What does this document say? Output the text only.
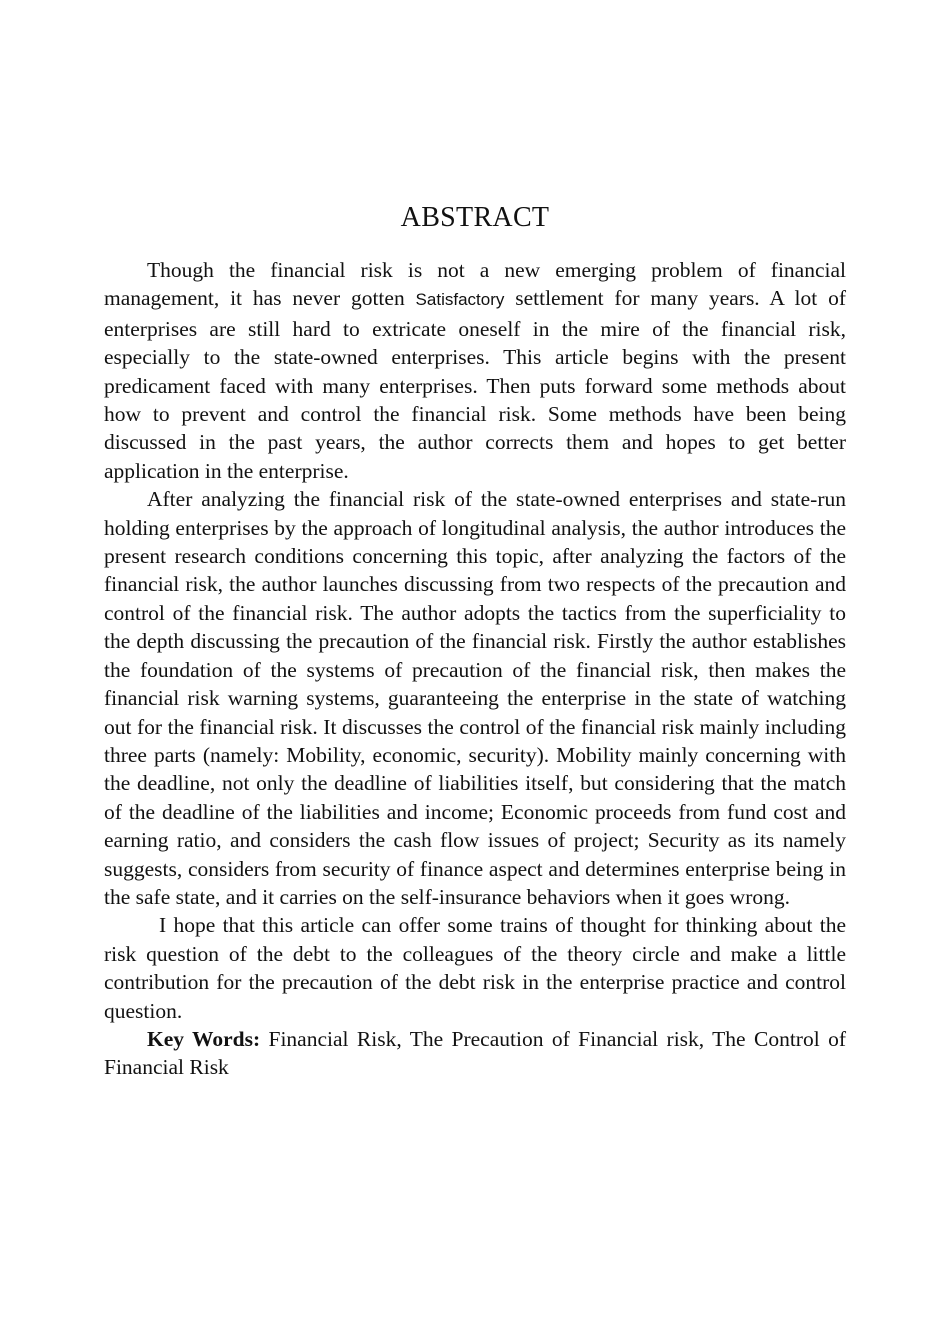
ABSTRACT

Though the financial risk is not a new emerging problem of financial management, it has never gotten Satisfactory settlement for many years. A lot of enterprises are still hard to extricate oneself in the mire of the financial risk, especially to the state-owned enterprises. This article begins with the present predicament faced with many enterprises. Then puts forward some methods about how to prevent and control the financial risk. Some methods have been being discussed in the past years, the author corrects them and hopes to get better application in the enterprise.

After analyzing the financial risk of the state-owned enterprises and state-run holding enterprises by the approach of longitudinal analysis, the author introduces the present research conditions concerning this topic, after analyzing the factors of the financial risk, the author launches discussing from two respects of the precaution and control of the financial risk. The author adopts the tactics from the superficiality to the depth discussing the precaution of the financial risk. Firstly the author establishes the foundation of the systems of precaution of the financial risk, then makes the financial risk warning systems, guaranteeing the enterprise in the state of watching out for the financial risk. It discusses the control of the financial risk mainly including three parts (namely: Mobility, economic, security). Mobility mainly concerning with the deadline, not only the deadline of liabilities itself, but considering that the match of the deadline of the liabilities and income; Economic proceeds from fund cost and earning ratio, and considers the cash flow issues of project; Security as its namely suggests, considers from security of finance aspect and determines enterprise being in the safe state, and it carries on the self-insurance behaviors when it goes wrong.

I hope that this article can offer some trains of thought for thinking about the risk question of the debt to the colleagues of the theory circle and make a little contribution for the precaution of the debt risk in the enterprise practice and control question.

Key Words: Financial Risk, The Precaution of Financial risk, The Control of Financial Risk
